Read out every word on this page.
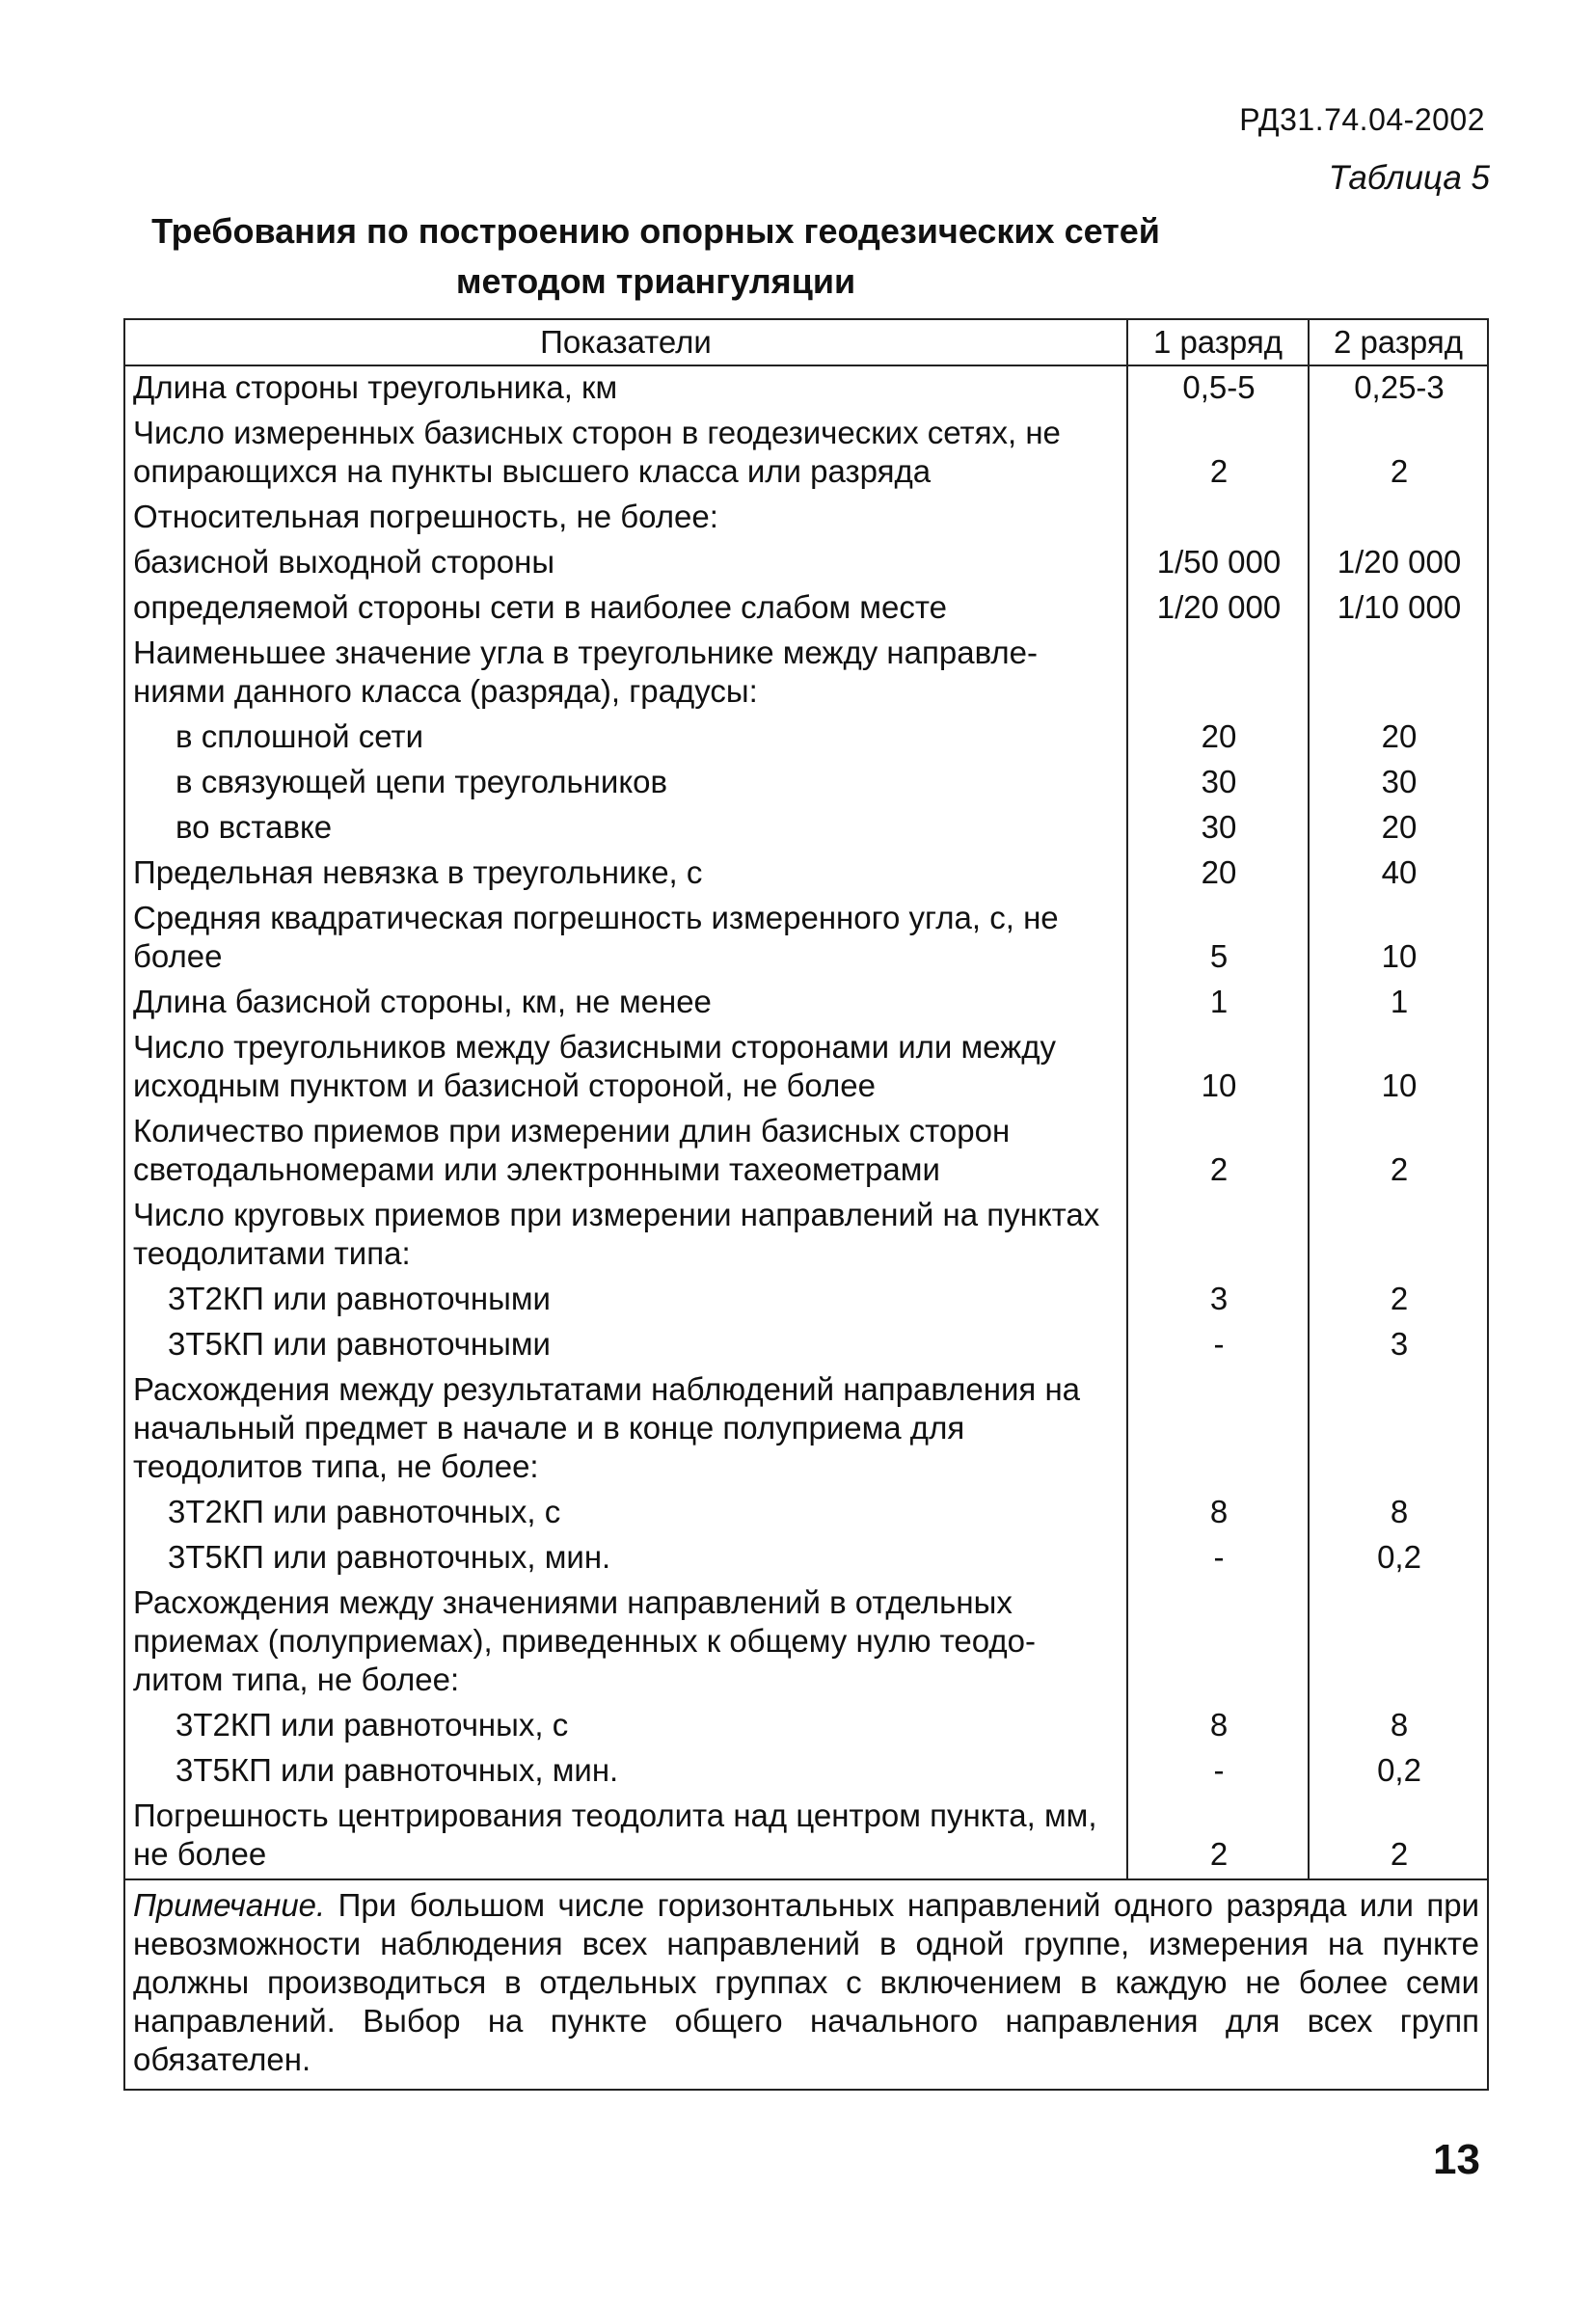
РД31.74.04-2002
Таблица 5
Требования по построению опорных геодезических сетей методом триангуляции
Показатели	1 разряд	2 разряд
Длина стороны треугольника, км	0,5-5	0,25-3
Число измеренных базисных сторон в геодезических сетях, не опирающихся на пункты высшего класса или разряда	2	2
Относительная погрешность, не более:		
базисной выходной стороны	1/50 000	1/20 000
определяемой стороны сети в наиболее слабом месте	1/20 000	1/10 000
Наименьшее значение угла в треугольнике между направле-ниями данного класса (разряда), градусы:		
в сплошной сети	20	20
в связующей цепи треугольников	30	30
во вставке	30	20
Предельная невязка в треугольнике, с	20	40
Средняя квадратическая погрешность измеренного угла, с, не более	5	10
Длина базисной стороны, км, не менее	1	1
Число треугольников между базисными сторонами или между исходным пунктом и базисной стороной, не более	10	10
Количество приемов при измерении длин базисных сторон светодальномерами или электронными тахеометрами	2	2
Число круговых приемов при измерении направлений на пунктах теодолитами типа:		
3Т2КП или равноточными	3	2
3Т5КП или равноточными	-	3
Расхождения между результатами наблюдений направления на начальный предмет в начале и в конце полуприема для теодолитов типа, не более:		
3Т2КП или равноточных, с	8	8
3Т5КП или равноточных, мин.	-	0,2
Расхождения между значениями направлений в отдельных приемах (полуприемах), приведенных к общему нулю теодо-литом типа, не более:		
3Т2КП или равноточных, с	8	8
3Т5КП или равноточных, мин.	-	0,2
Погрешность центрирования теодолита над центром пункта, мм, не более	2	2
Примечание. При большом числе горизонтальных направлений одного разряда или при невозможности наблюдения всех направлений в одной группе, измерения на пункте должны производиться в отдельных группах с включением в каждую не более семи направлений. Выбор на пункте общего начального направления для всех групп обязателен.		
13
